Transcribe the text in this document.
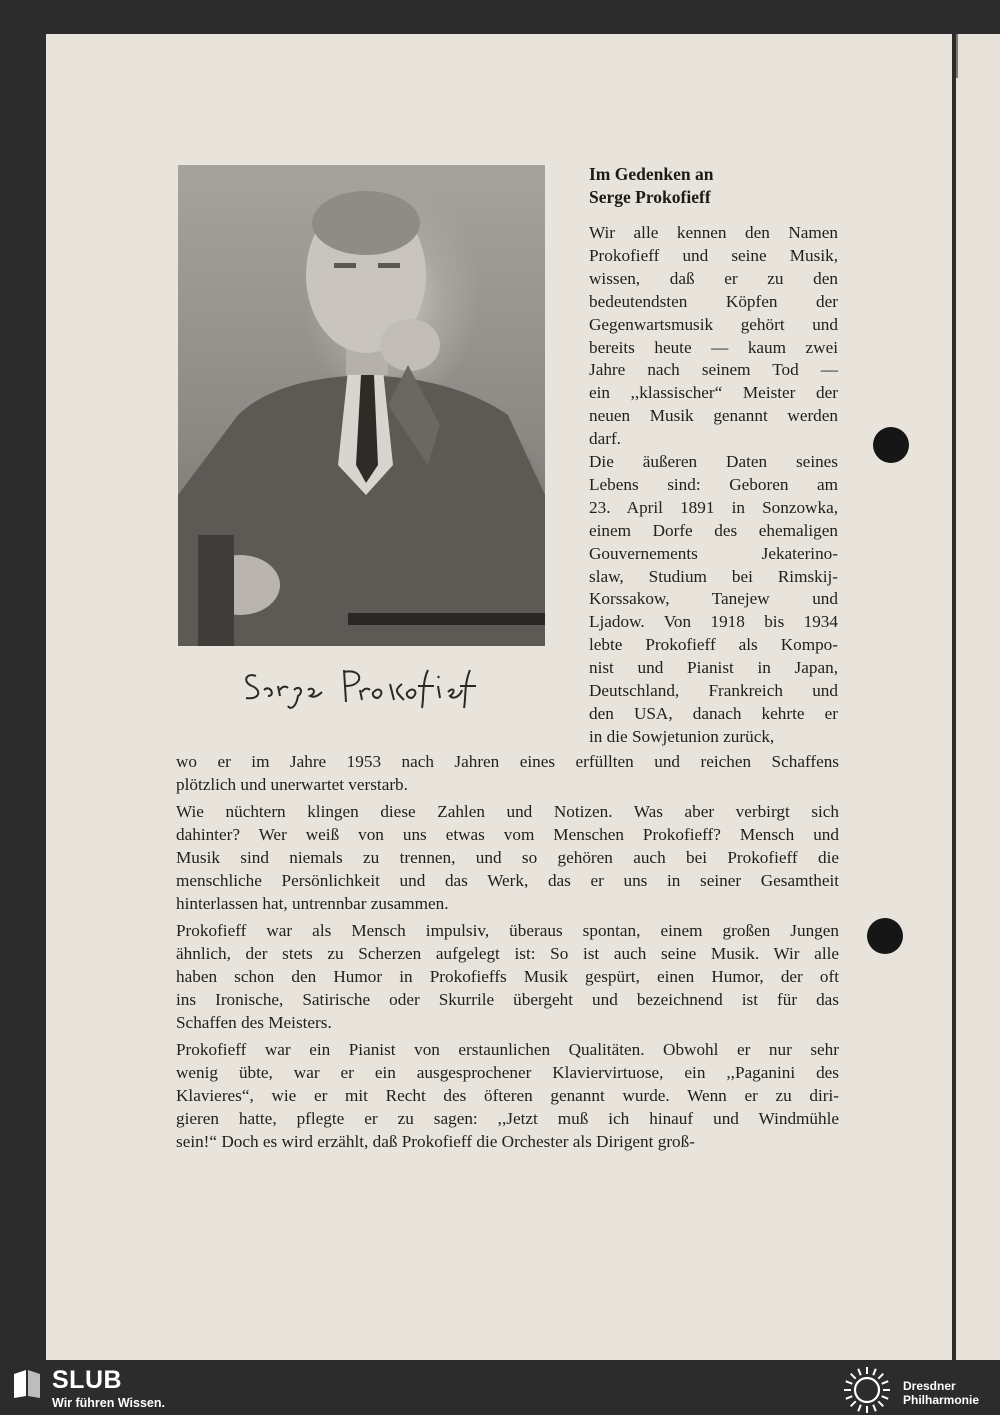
Im Gedenken an
Serge Prokofieff
Wir alle kennen den Namen
Prokofieff und seine Musik,
wissen, daß er zu den
bedeutendsten Köpfen der
Gegenwartsmusik gehört und
bereits heute — kaum zwei
Jahre nach seinem Tod —
ein ,,klassischer“ Meister der
neuen Musik genannt werden
darf.
Die äußeren Daten seines
Lebens sind: Geboren am
23. April 1891 in Sonzowka,
einem Dorfe des ehemaligen
Gouvernements Jekaterino-
slaw, Studium bei Rimskij-
Korssakow, Tanejew und
Ljadow. Von 1918 bis 1934
lebte Prokofieff als Kompo-
nist und Pianist in Japan,
Deutschland, Frankreich und
den USA, danach kehrte er
in die Sowjetunion zurück,
wo er im Jahre 1953 nach Jahren eines erfüllten und reichen Schaffens
plötzlich und unerwartet verstarb.
Wie nüchtern klingen diese Zahlen und Notizen. Was aber verbirgt sich
dahinter? Wer weiß von uns etwas vom Menschen Prokofieff? Mensch und
Musik sind niemals zu trennen, und so gehören auch bei Prokofieff die
menschliche Persönlichkeit und das Werk, das er uns in seiner Gesamtheit
hinterlassen hat, untrennbar zusammen.
Prokofieff war als Mensch impulsiv, überaus spontan, einem großen Jungen
ähnlich, der stets zu Scherzen aufgelegt ist: So ist auch seine Musik. Wir alle
haben schon den Humor in Prokofieffs Musik gespürt, einen Humor, der oft
ins Ironische, Satirische oder Skurrile übergeht und bezeichnend ist für das
Schaffen des Meisters.
Prokofieff war ein Pianist von erstaunlichen Qualitäten. Obwohl er nur sehr
wenig übte, war er ein ausgesprochener Klaviervirtuose, ein ,,Paganini des
Klavieres“, wie er mit Recht des öfteren genannt wurde. Wenn er zu diri-
gieren hatte, pflegte er zu sagen: ,,Jetzt muß ich hinauf und Windmühle
sein!“ Doch es wird erzählt, daß Prokofieff die Orchester als Dirigent groß-
SLUB
Wir führen Wissen.
Dresdner
Philharmonie
